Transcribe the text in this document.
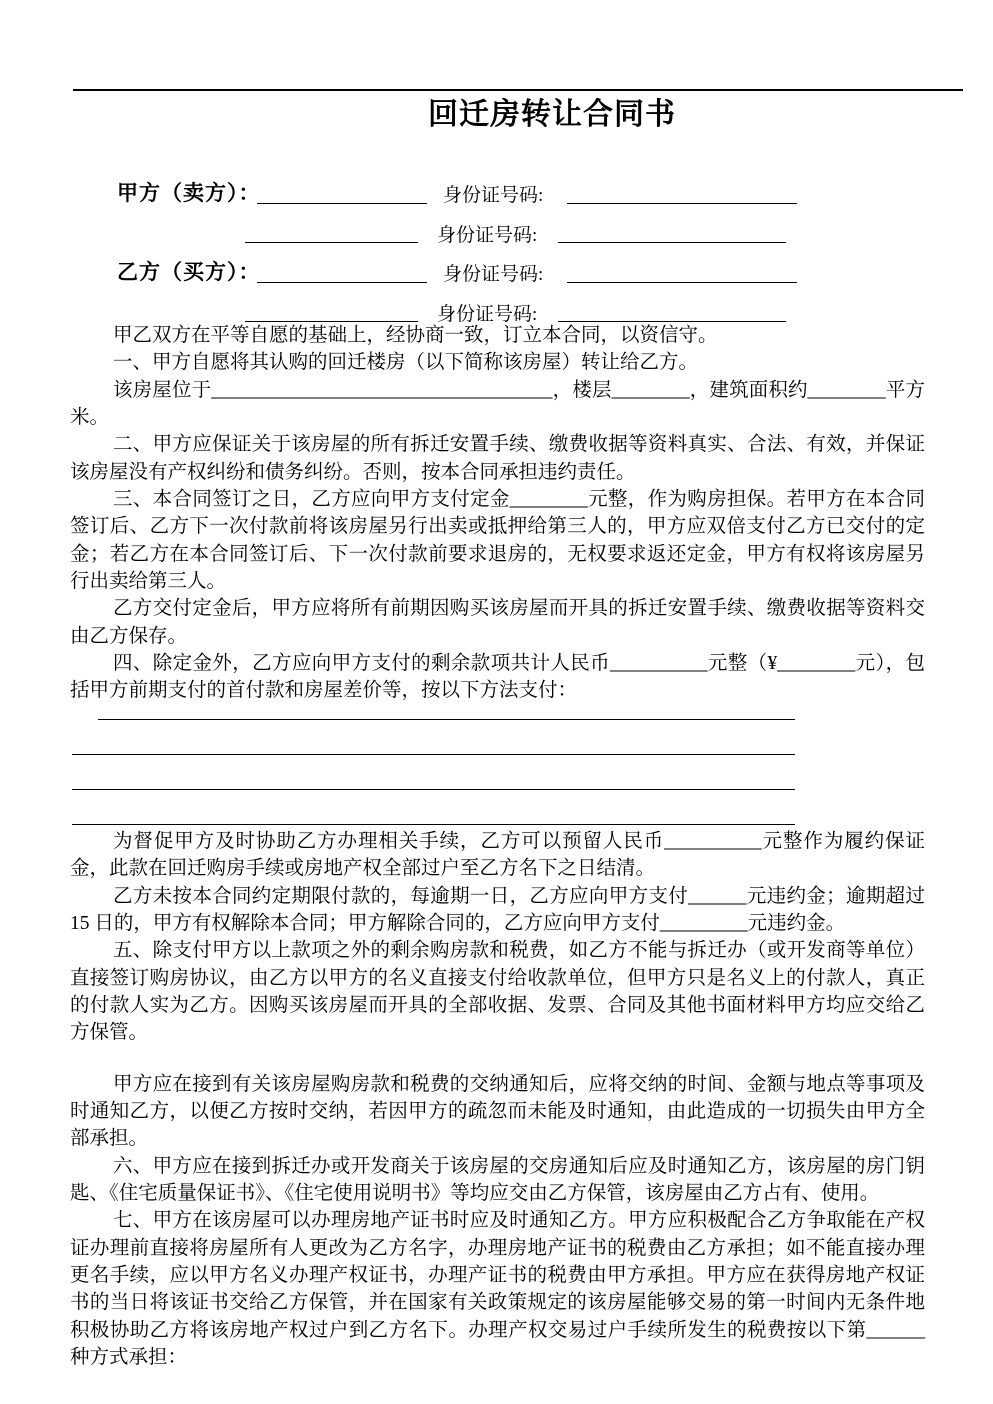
回迁房转让合同书
甲方（卖方）：	身份证号码:
身份证号码:
乙方（买方）：	身份证号码:
身份证号码:

甲乙双方在平等自愿的基础上，经协商一致，订立本合同，以资信守。

一、甲方自愿将其认购的回迁楼房（以下简称该房屋）转让给乙方。

该房屋位于___________________________________，楼层________，建筑面积约________平方米。

二、甲方应保证关于该房屋的所有拆迁安置手续、缴费收据等资料真实、合法、有效，并保证该房屋没有产权纠纷和债务纠纷。否则，按本合同承担违约责任。

三、本合同签订之日，乙方应向甲方支付定金________元整，作为购房担保。若甲方在本合同签订后、乙方下一次付款前将该房屋另行出卖或抵押给第三人的，甲方应双倍支付乙方已交付的定金；若乙方在本合同签订后、下一次付款前要求退房的，无权要求返还定金，甲方有权将该房屋另行出卖给第三人。

乙方交付定金后，甲方应将所有前期因购买该房屋而开具的拆迁安置手续、缴费收据等资料交由乙方保存。

四、除定金外，乙方应向甲方支付的剩余款项共计人民币__________元整（¥________元），包括甲方前期支付的首付款和房屋差价等，按以下方法支付：

为督促甲方及时协助乙方办理相关手续，乙方可以预留人民币__________元整作为履约保证金，此款在回迁购房手续或房地产权全部过户至乙方名下之日结清。

乙方未按本合同约定期限付款的，每逾期一日，乙方应向甲方支付______元违约金；逾期超过 15 日的，甲方有权解除本合同；甲方解除合同的，乙方应向甲方支付_________元违约金。

五、除支付甲方以上款项之外的剩余购房款和税费，如乙方不能与拆迁办（或开发商等单位）直接签订购房协议，由乙方以甲方的名义直接支付给收款单位，但甲方只是名义上的付款人，真正的付款人实为乙方。因购买该房屋而开具的全部收据、发票、合同及其他书面材料甲方均应交给乙方保管。

甲方应在接到有关该房屋购房款和税费的交纳通知后，应将交纳的时间、金额与地点等事项及时通知乙方，以便乙方按时交纳，若因甲方的疏忽而未能及时通知，由此造成的一切损失由甲方全部承担。

六、甲方应在接到拆迁办或开发商关于该房屋的交房通知后应及时通知乙方，该房屋的房门钥匙、《住宅质量保证书》、《住宅使用说明书》等均应交由乙方保管，该房屋由乙方占有、使用。

七、甲方在该房屋可以办理房地产证书时应及时通知乙方。甲方应积极配合乙方争取能在产权证办理前直接将房屋所有人更改为乙方名字，办理房地产证书的税费由乙方承担；如不能直接办理更名手续，应以甲方名义办理产权证书，办理产证书的税费由甲方承担。甲方应在获得房地产权证书的当日将该证书交给乙方保管，并在国家有关政策规定的该房屋能够交易的第一时间内无条件地积极协助乙方将该房地产权过户到乙方名下。办理产权交易过户手续所发生的税费按以下第______种方式承担：
